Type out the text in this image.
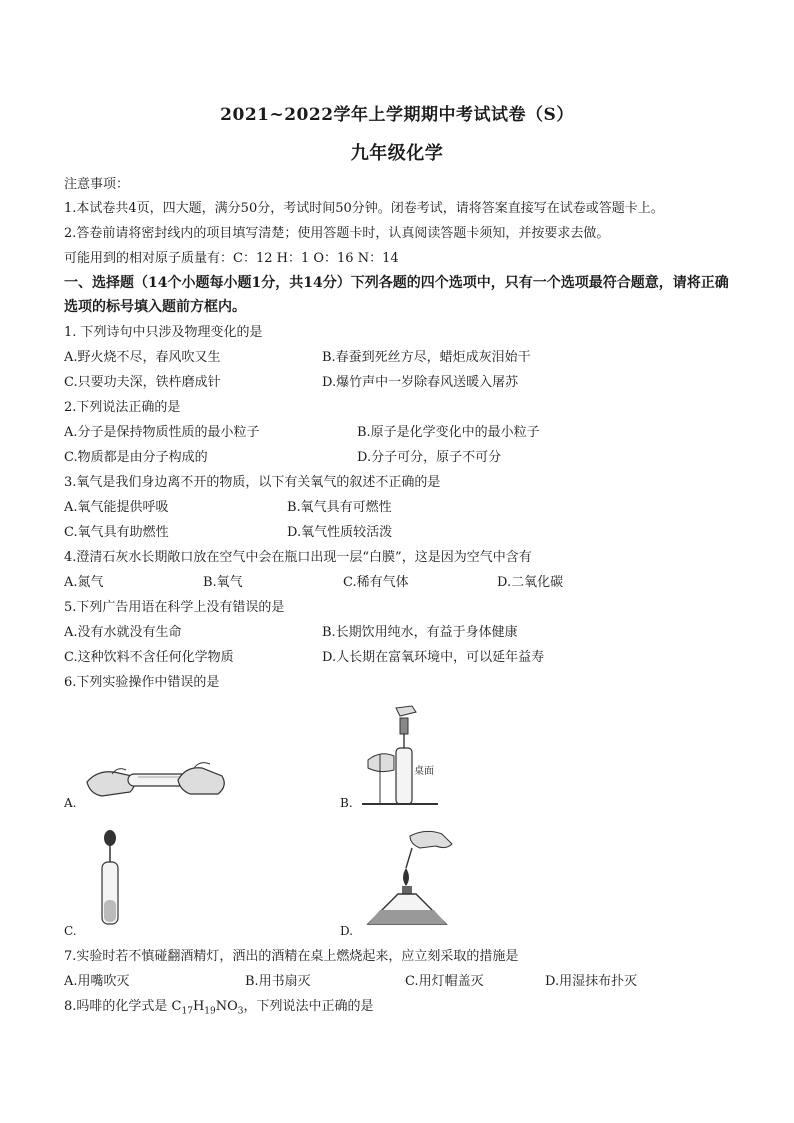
2021~2022学年上学期期中考试试卷（S）
九年级化学
注意事项：
1.本试卷共4页，四大题，满分50分，考试时间50分钟。闭卷考试，请将答案直接写在试卷或答题卡上。
2.答卷前请将密封线内的项目填写清楚；使用答题卡时，认真阅读答题卡须知，并按要求去做。
可能用到的相对原子质量有：C：12 H：1 O：16 N：14
一、选择题（14个小题每小题1分，共14分）下列各题的四个选项中，只有一个选项最符合题意，请将正确选项的标号填入题前方框内。
1. 下列诗句中只涉及物理变化的是
A.野火烧不尽，春风吹又生	B.春蚕到死丝方尽，蜡炬成灰泪始干
C.只要功夫深，铁杵磨成针	D.爆竹声中一岁除春风送暖入屠苏
2.下列说法正确的是
A.分子是保持物质性质的最小粒子	B.原子是化学变化中的最小粒子
C.物质都是由分子构成的	D.分子可分，原子不可分
3.氧气是我们身边离不开的物质，以下有关氧气的叙述不正确的是
A.氧气能提供呼吸	B.氧气具有可燃性
C.氧气具有助燃性	D.氧气性质较活泼
4.澄清石灰水长期敞口放在空气中会在瓶口出现一层“白膜”，这是因为空气中含有
A.氮气	B.氧气	C.稀有气体	D.二氧化碳
5.下列广告用语在科学上没有错误的是
A.没有水就没有生命	B.长期饮用纯水，有益于身体健康
C.这种饮料不含任何化学物质	D.人长期在富氧环境中，可以延年益寿
6.下列实验操作中错误的是
A.
桌面
B.
C.	D.
7.实验时若不慎碰翻酒精灯，洒出的酒精在桌上燃烧起来，应立刻采取的措施是
A.用嘴吹灭	B.用书扇灭	C.用灯帽盖灭	D.用湿抹布扑灭
8.吗啡的化学式是 $C_{17}H_{19}NO_3$，下列说法中正确的是
